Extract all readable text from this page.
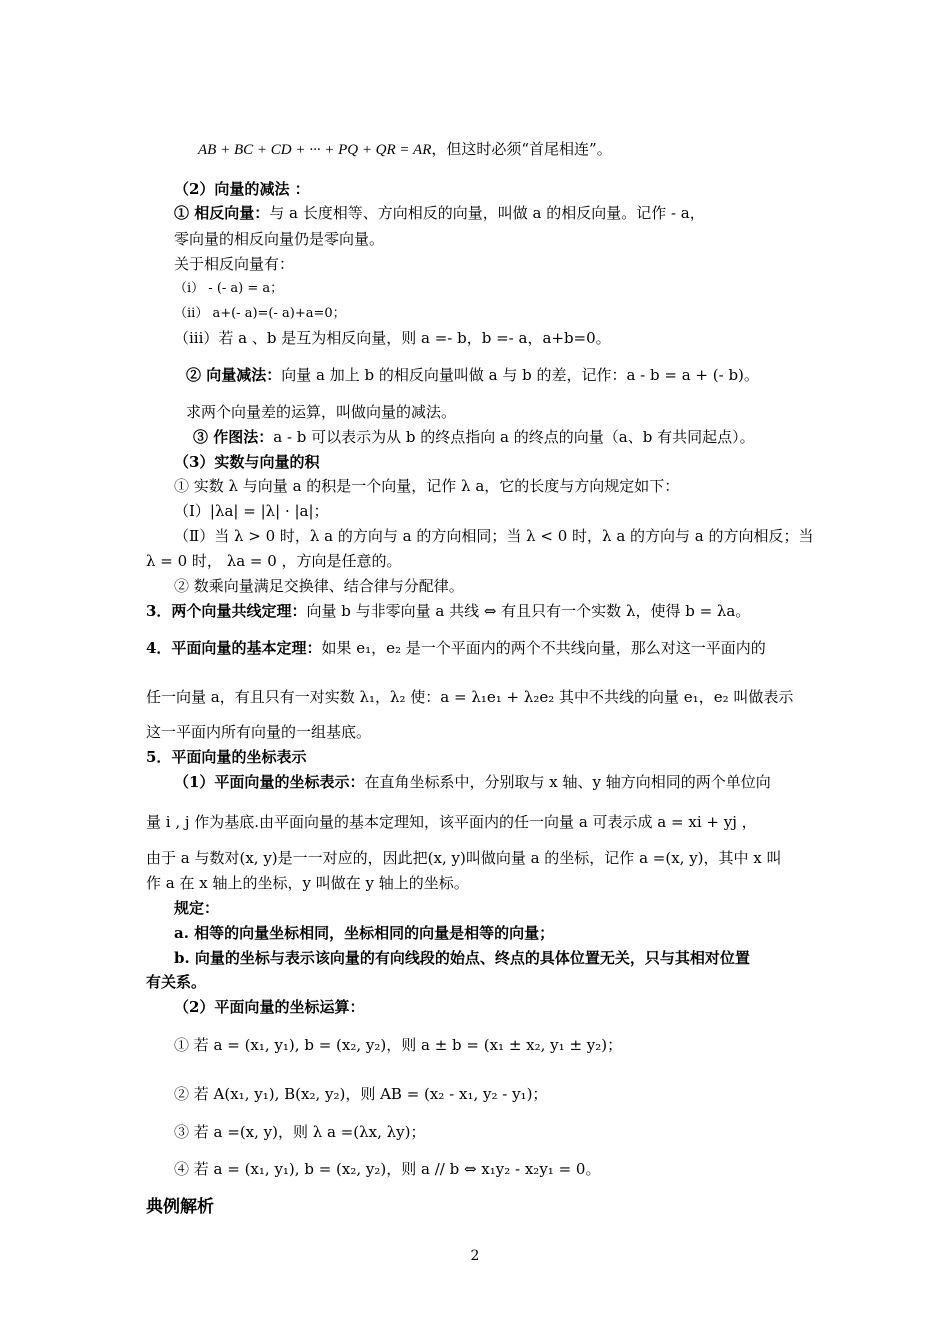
AB + BC + CD + ··· + PQ + QR = AR，但这时必须“首尾相连”。
（2）向量的减法 ：
① 相反向量：与 a 长度相等、方向相反的向量，叫做 a 的相反向量。记作 - a，
零向量的相反向量仍是零向量。
关于相反向量有：
（i） - (- a) = a；
（ii） a+(- a)=(- a)+a=0；
（iii）若 a 、b 是互为相反向量，则 a =- b，b =- a，a+b=0。
② 向量减法：向量 a 加上 b 的相反向量叫做 a 与 b 的差，记作：a - b = a + (- b)。
求两个向量差的运算，叫做向量的减法。
③ 作图法：a - b 可以表示为从 b 的终点指向 a 的终点的向量（a、b 有共同起点）。
（3）实数与向量的积
① 实数 λ 与向量 a 的积是一个向量，记作 λ a，它的长度与方向规定如下：
（Ⅰ）|λa| = |λ| · |a|；
（Ⅱ）当 λ > 0 时，λ a 的方向与 a 的方向相同；当 λ < 0 时，λ a 的方向与 a 的方向相反；当
λ = 0 时， λa = 0 ，方向是任意的。
② 数乘向量满足交换律、结合律与分配律。
3．两个向量共线定理：向量 b 与非零向量 a 共线 ⇔ 有且只有一个实数 λ，使得 b = λa。
4．平面向量的基本定理：如果 e₁，e₂ 是一个平面内的两个不共线向量，那么对这一平面内的
任一向量 a，有且只有一对实数 λ₁，λ₂ 使：a = λ₁e₁ + λ₂e₂ 其中不共线的向量 e₁，e₂ 叫做表示
这一平面内所有向量的一组基底。
5．平面向量的坐标表示
（1）平面向量的坐标表示：在直角坐标系中，分别取与 x 轴、y 轴方向相同的两个单位向
量 i , j 作为基底.由平面向量的基本定理知，该平面内的任一向量 a 可表示成 a = xi + yj ，
由于 a 与数对(x, y)是一一对应的，因此把(x, y)叫做向量 a 的坐标，记作 a =(x, y)，其中 x 叫
作 a 在 x 轴上的坐标，y 叫做在 y 轴上的坐标。
规定：
a. 相等的向量坐标相同，坐标相同的向量是相等的向量；
b. 向量的坐标与表示该向量的有向线段的始点、终点的具体位置无关，只与其相对位置
有关系。
（2）平面向量的坐标运算：
① 若 a = (x₁, y₁), b = (x₂, y₂)，则 a ± b = (x₁ ± x₂, y₁ ± y₂)；
② 若 A(x₁, y₁), B(x₂, y₂)，则 AB = (x₂ - x₁, y₂ - y₁)；
③ 若 a =(x, y)，则 λ a =(λx, λy)；
④ 若 a = (x₁, y₁), b = (x₂, y₂)，则 a // b ⇔ x₁y₂ - x₂y₁ = 0。
典例解析
2
